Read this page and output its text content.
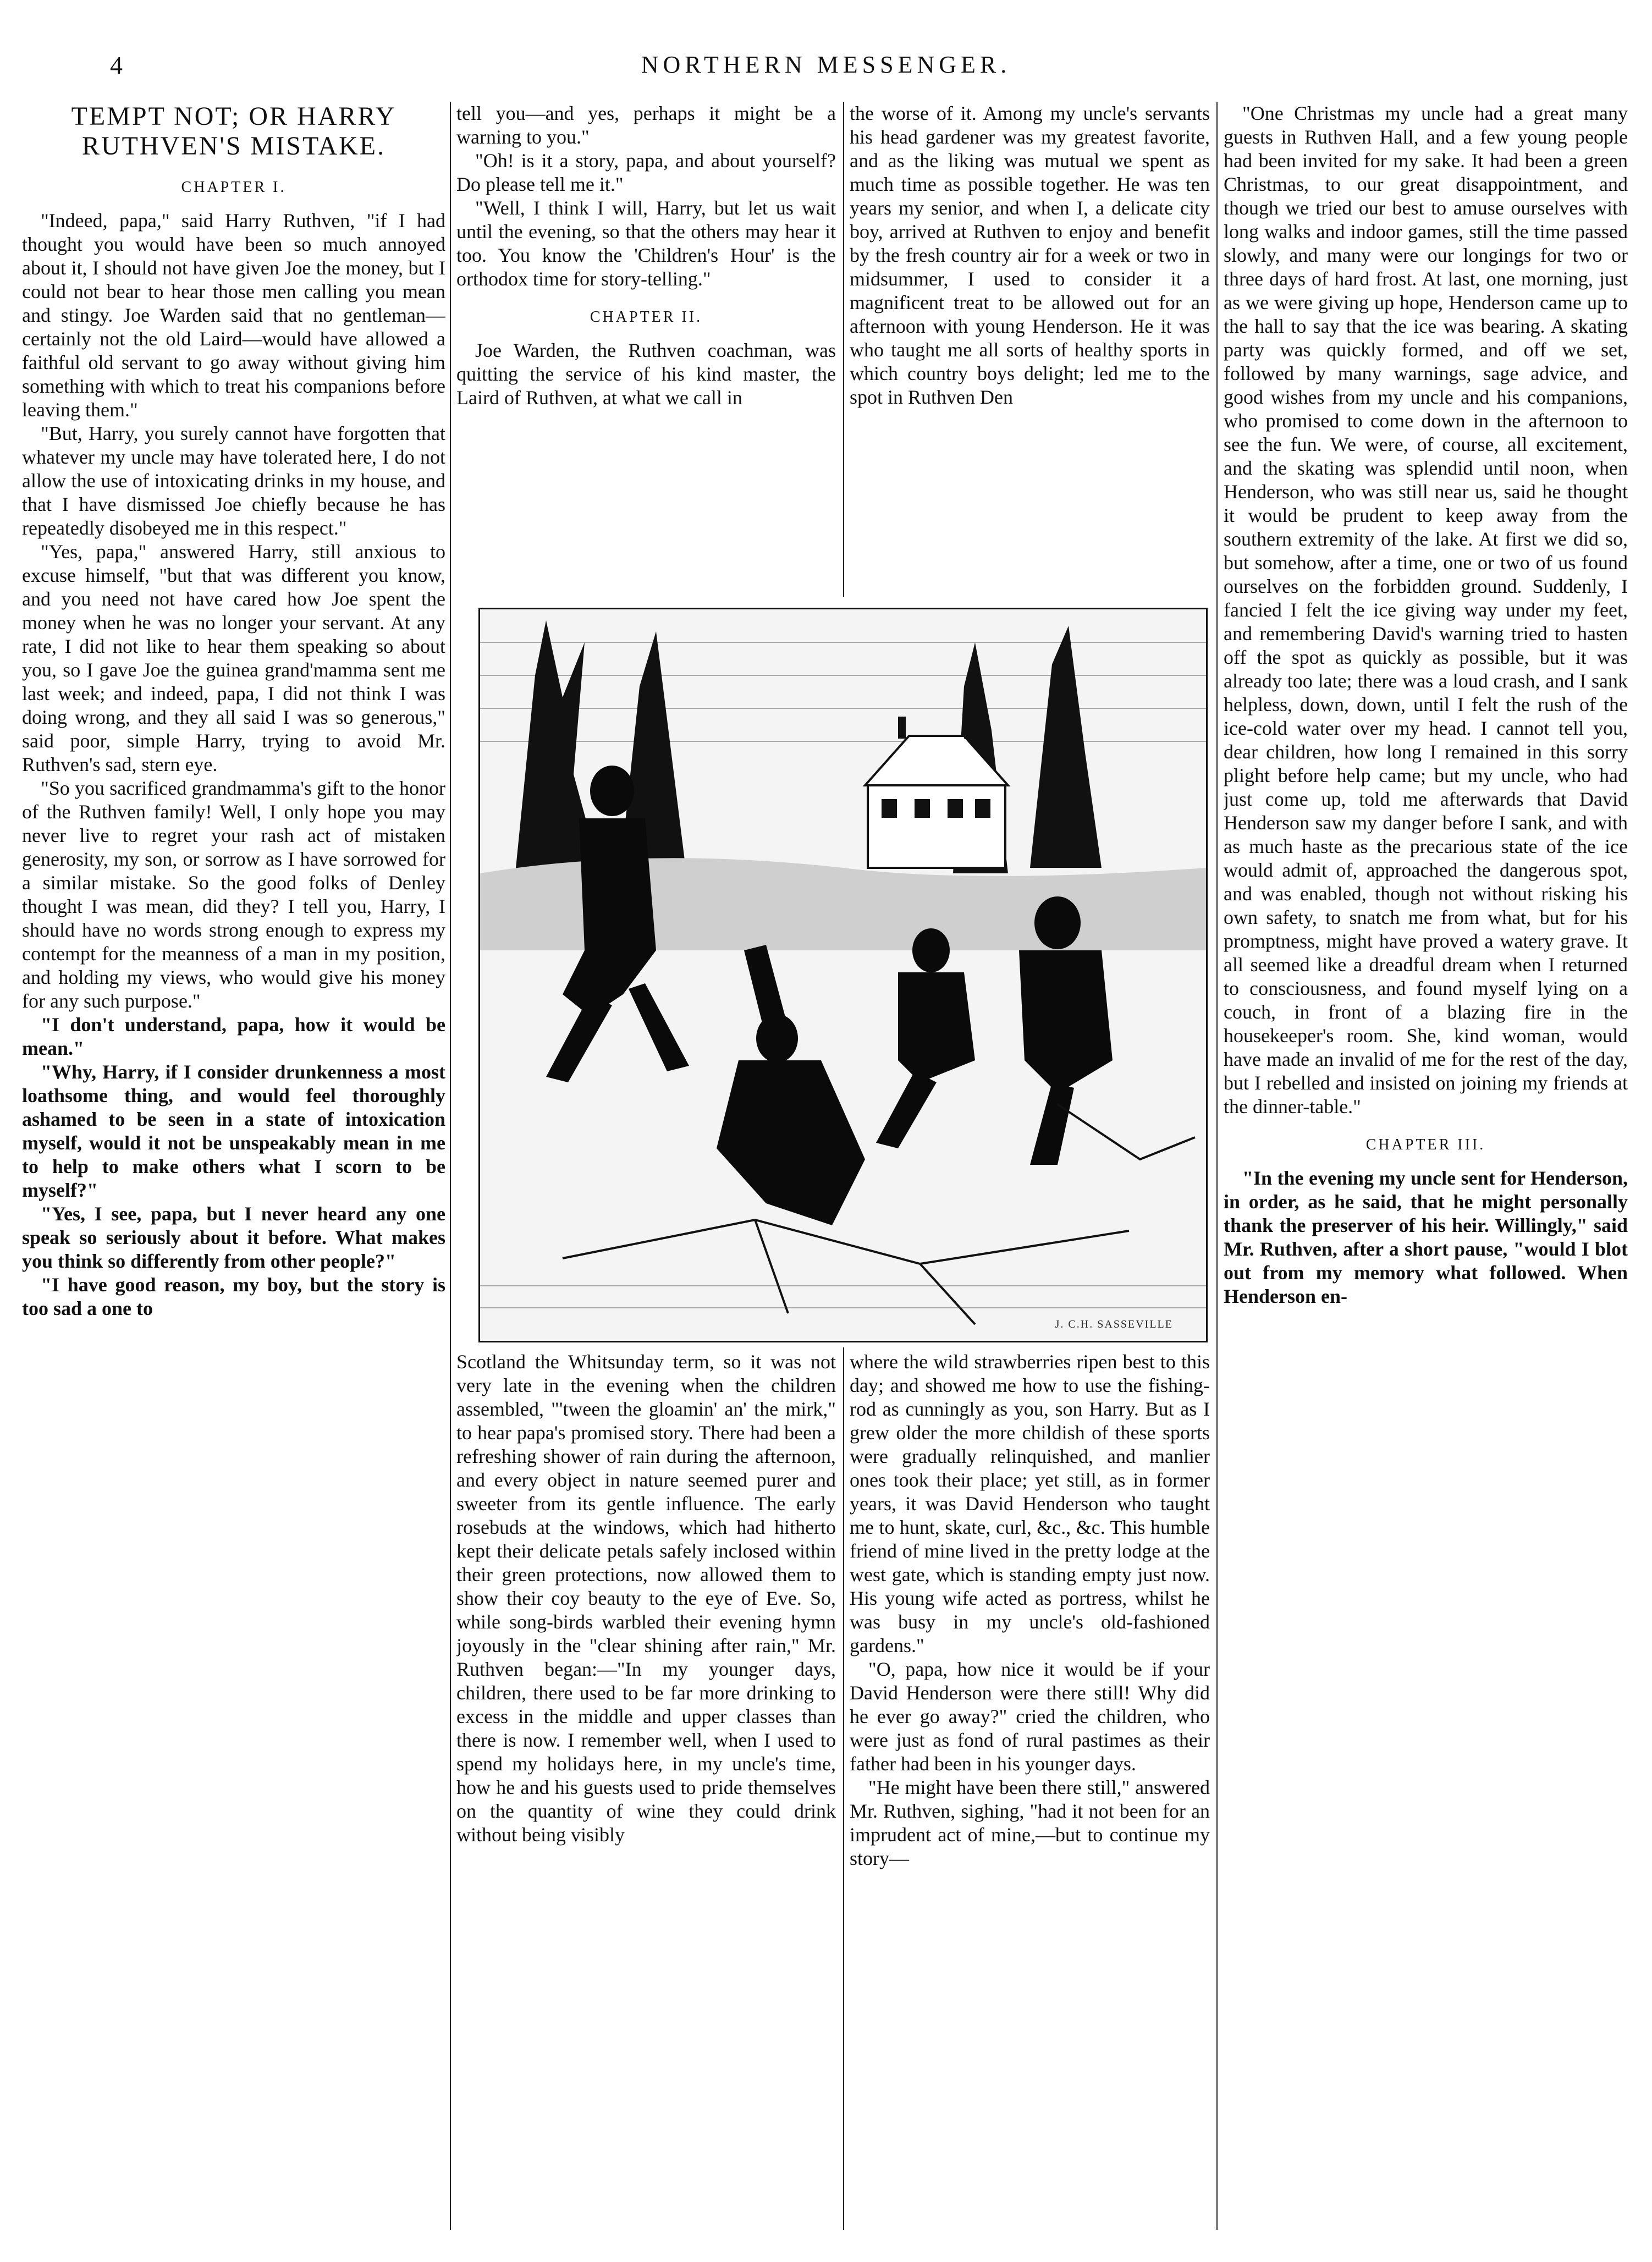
4	NORTHERN MESSENGER.
TEMPT NOT; OR HARRY RUTHVEN'S MISTAKE.
CHAPTER I.

"Indeed, papa," said Harry Ruthven, "if I had thought you would have been so much annoyed about it, I should not have given Joe the money, but I could not bear to hear those men calling you mean and stingy. Joe Warden said that no gentleman—certainly not the old Laird—would have allowed a faithful old servant to go away without giving him something with which to treat his companions before leaving them."

"But, Harry, you surely cannot have forgotten that whatever my uncle may have tolerated here, I do not allow the use of intoxicating drinks in my house, and that I have dismissed Joe chiefly because he has repeatedly disobeyed me in this respect."

"Yes, papa," answered Harry, still anxious to excuse himself, "but that was different you know, and you need not have cared how Joe spent the money when he was no longer your servant. At any rate, I did not like to hear them speaking so about you, so I gave Joe the guinea grand'mamma sent me last week; and indeed, papa, I did not think I was doing wrong, and they all said I was so generous," said poor, simple Harry, trying to avoid Mr. Ruthven's sad, stern eye.

"So you sacrificed grandmamma's gift to the honor of the Ruthven family! Well, I only hope you may never live to regret your rash act of mistaken generosity, my son, or sorrow as I have sorrowed for a similar mistake. So the good folks of Denley thought I was mean, did they? I tell you, Harry, I should have no words strong enough to express my contempt for the meanness of a man in my position, and holding my views, who would give his money for any such purpose."

"I don't understand, papa, how it would be mean."

"Why, Harry, if I consider drunkenness a most loathsome thing, and would feel thoroughly ashamed to be seen in a state of intoxication myself, would it not be unspeakably mean in me to help to make others what I scorn to be myself?"

"Yes, I see, papa, but I never heard any one speak so seriously about it before. What makes you think so differently from other people?"

"I have good reason, my boy, but the story is too sad a one to

tell you—and yes, perhaps it might be a warning to you."

"Oh! is it a story, papa, and about yourself? Do please tell me it."

"Well, I think I will, Harry, but let us wait until the evening, so that the others may hear it too. You know the 'Children's Hour' is the orthodox time for story-telling."

CHAPTER II.

Joe Warden, the Ruthven coachman, was quitting the service of his kind master, the Laird of Ruthven, at what we call in

the worse of it. Among my uncle's servants his head gardener was my greatest favorite, and as the liking was mutual we spent as much time as possible together. He was ten years my senior, and when I, a delicate city boy, arrived at Ruthven to enjoy and benefit by the fresh country air for a week or two in midsummer, I used to consider it a magnificent treat to be allowed out for an afternoon with young Henderson. He it was who taught me all sorts of healthy sports in which country boys delight; led me to the spot in Ruthven Den

J. C.H. SASSEVILLE

Scotland the Whitsunday term, so it was not very late in the evening when the children assembled, "'tween the gloamin' an' the mirk," to hear papa's promised story. There had been a refreshing shower of rain during the afternoon, and every object in nature seemed purer and sweeter from its gentle influence. The early rosebuds at the windows, which had hitherto kept their delicate petals safely inclosed within their green protections, now allowed them to show their coy beauty to the eye of Eve. So, while song-birds warbled their evening hymn joyously in the "clear shining after rain," Mr. Ruthven began:—"In my younger days, children, there used to be far more drinking to excess in the middle and upper classes than there is now. I remember well, when I used to spend my holidays here, in my uncle's time, how he and his guests used to pride themselves on the quantity of wine they could drink without being visibly

where the wild strawberries ripen best to this day; and showed me how to use the fishing-rod as cunningly as you, son Harry. But as I grew older the more childish of these sports were gradually relinquished, and manlier ones took their place; yet still, as in former years, it was David Henderson who taught me to hunt, skate, curl, &c., &c. This humble friend of mine lived in the pretty lodge at the west gate, which is standing empty just now. His young wife acted as portress, whilst he was busy in my uncle's old-fashioned gardens."

"O, papa, how nice it would be if your David Henderson were there still! Why did he ever go away?" cried the children, who were just as fond of rural pastimes as their father had been in his younger days.

"He might have been there still," answered Mr. Ruthven, sighing, "had it not been for an imprudent act of mine,—but to continue my story—

"One Christmas my uncle had a great many guests in Ruthven Hall, and a few young people had been invited for my sake. It had been a green Christmas, to our great disappointment, and though we tried our best to amuse ourselves with long walks and indoor games, still the time passed slowly, and many were our longings for two or three days of hard frost. At last, one morning, just as we were giving up hope, Henderson came up to the hall to say that the ice was bearing. A skating party was quickly formed, and off we set, followed by many warnings, sage advice, and good wishes from my uncle and his companions, who promised to come down in the afternoon to see the fun. We were, of course, all excitement, and the skating was splendid until noon, when Henderson, who was still near us, said he thought it would be prudent to keep away from the southern extremity of the lake. At first we did so, but somehow, after a time, one or two of us found ourselves on the forbidden ground. Suddenly, I fancied I felt the ice giving way under my feet, and remembering David's warning tried to hasten off the spot as quickly as possible, but it was already too late; there was a loud crash, and I sank helpless, down, down, until I felt the rush of the ice-cold water over my head. I cannot tell you, dear children, how long I remained in this sorry plight before help came; but my uncle, who had just come up, told me afterwards that David Henderson saw my danger before I sank, and with as much haste as the precarious state of the ice would admit of, approached the dangerous spot, and was enabled, though not without risking his own safety, to snatch me from what, but for his promptness, might have proved a watery grave. It all seemed like a dreadful dream when I returned to consciousness, and found myself lying on a couch, in front of a blazing fire in the housekeeper's room. She, kind woman, would have made an invalid of me for the rest of the day, but I rebelled and insisted on joining my friends at the dinner-table."

CHAPTER III.

"In the evening my uncle sent for Henderson, in order, as he said, that he might personally thank the preserver of his heir. Willingly," said Mr. Ruthven, after a short pause, "would I blot out from my memory what followed. When Henderson en-
